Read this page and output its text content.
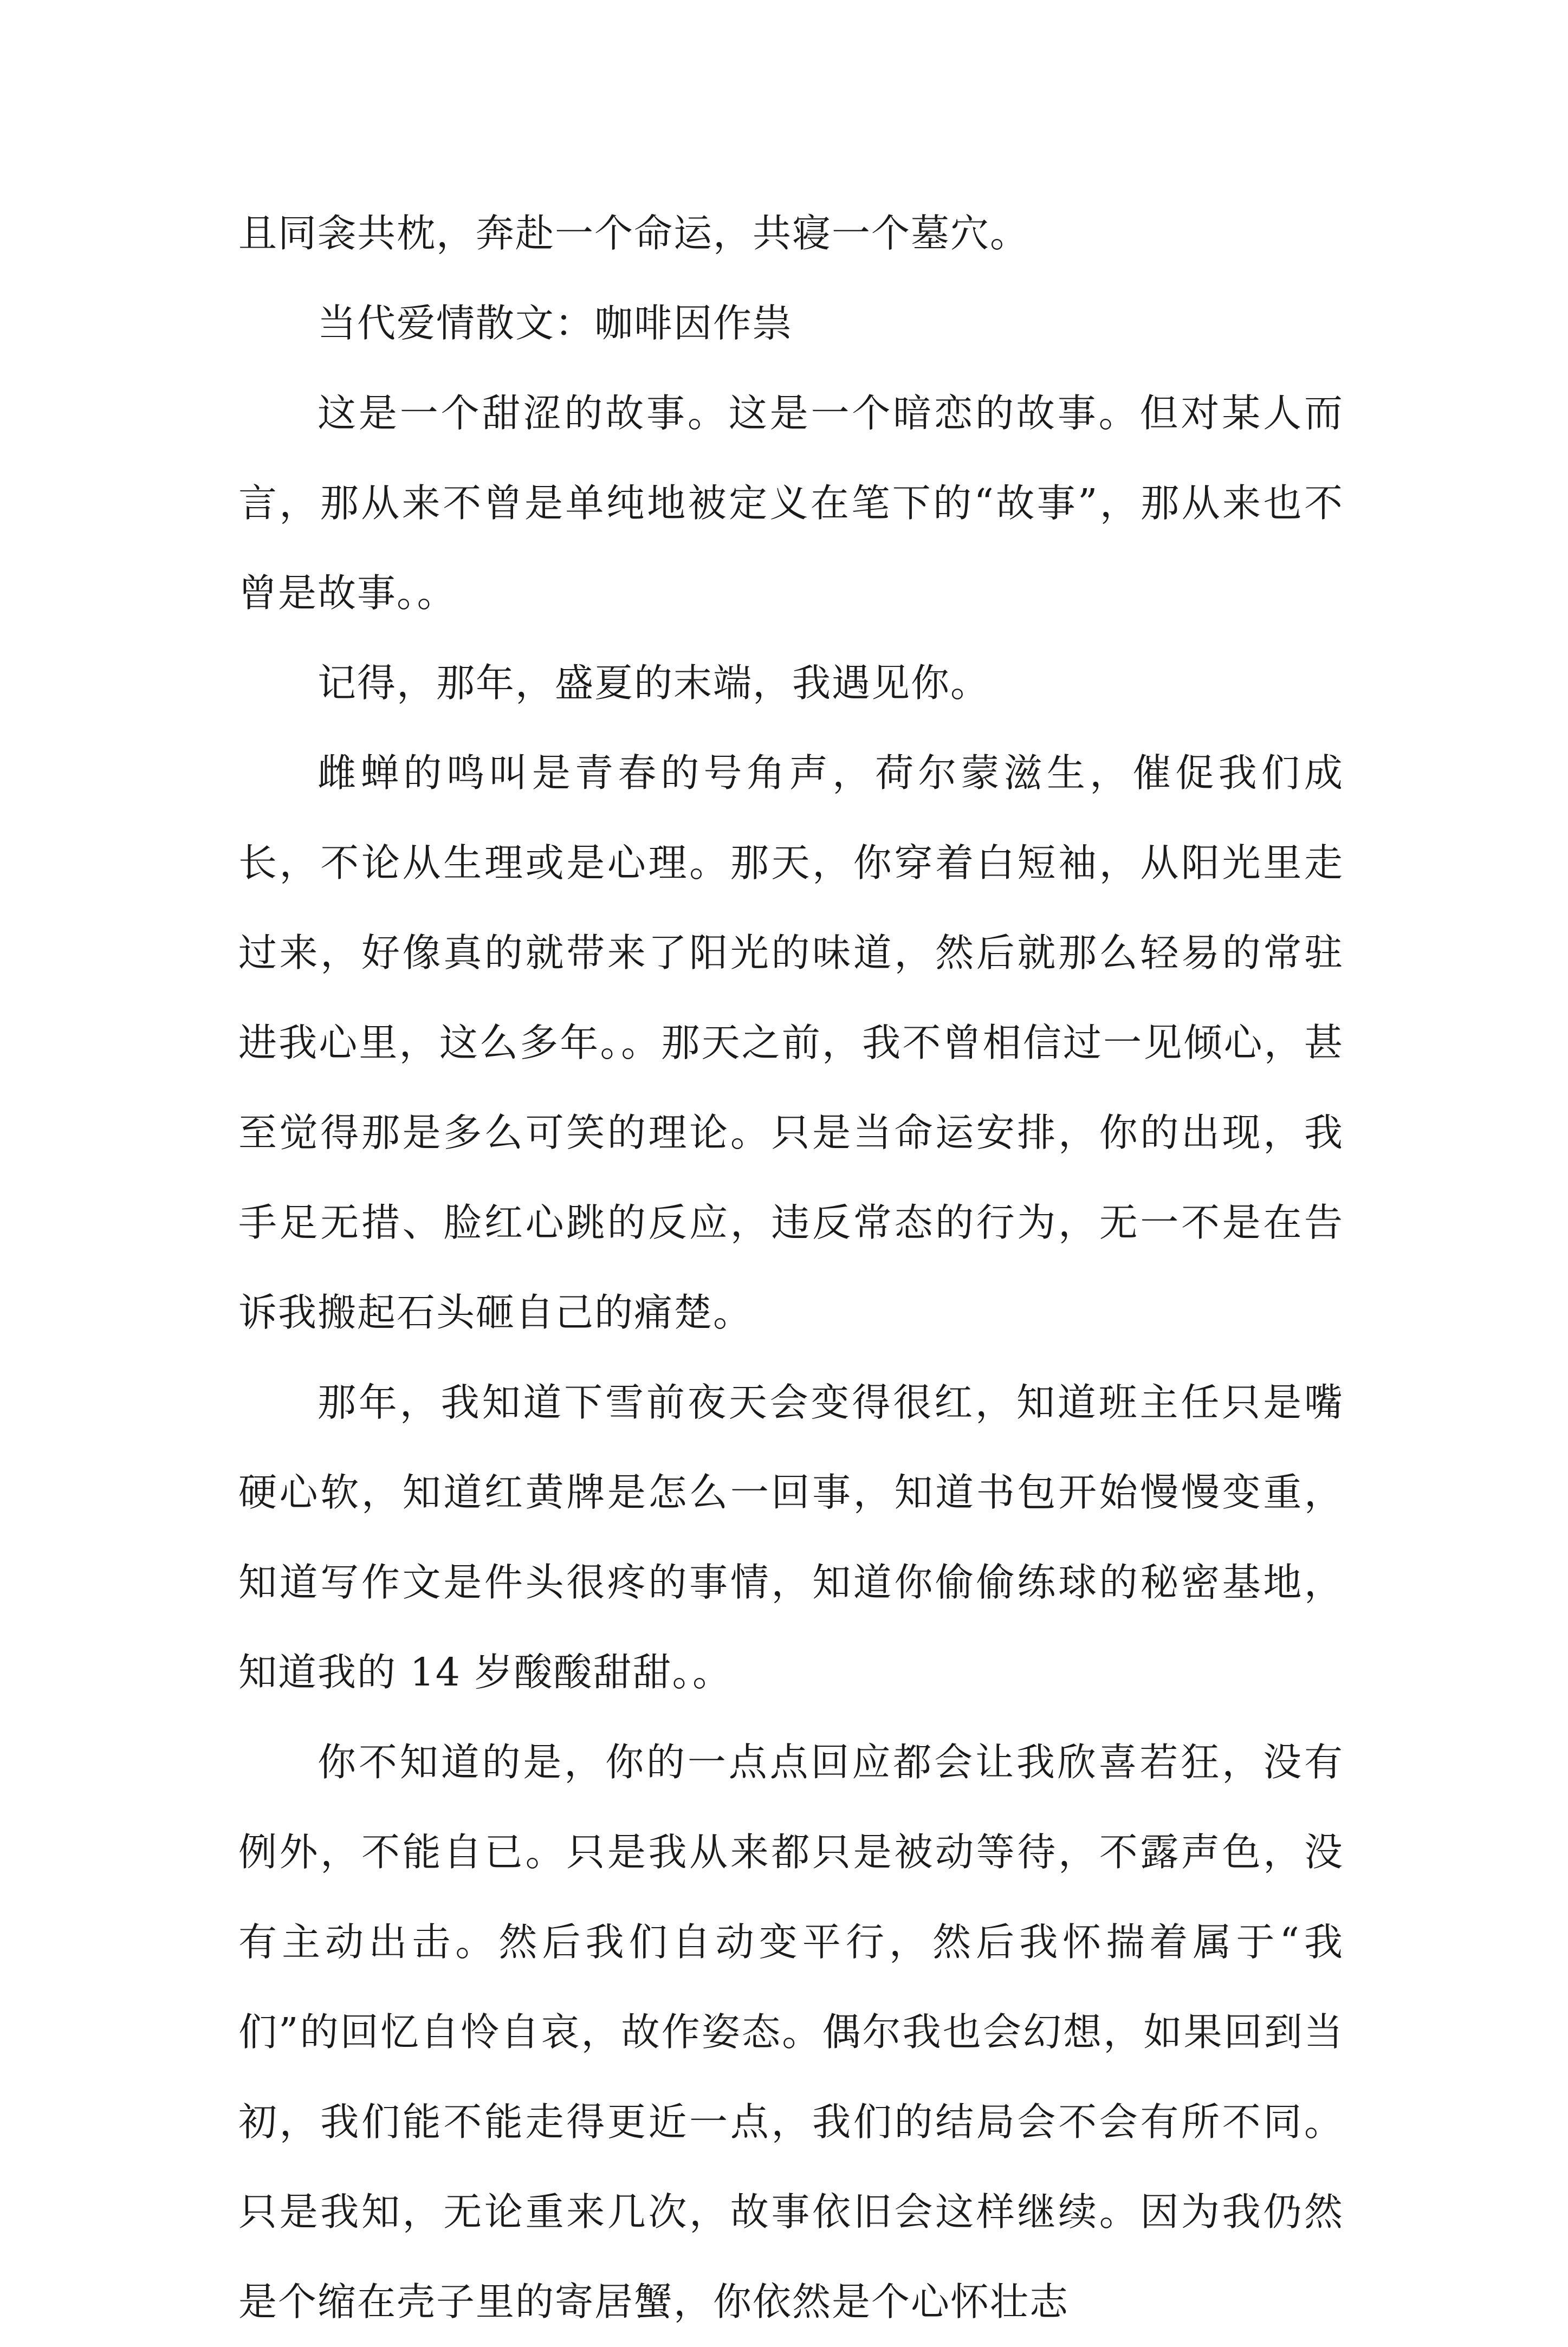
且同衾共枕，奔赴一个命运，共寝一个墓穴。

当代爱情散文：咖啡因作祟

这是一个甜涩的故事。这是一个暗恋的故事。但对某人而言，那从来不曾是单纯地被定义在笔下的“故事”，那从来也不曾是故事。。

记得，那年，盛夏的末端，我遇见你。

雌蝉的鸣叫是青春的号角声，荷尔蒙滋生，催促我们成长，不论从生理或是心理。那天，你穿着白短袖，从阳光里走过来，好像真的就带来了阳光的味道，然后就那么轻易的常驻进我心里，这么多年。。那天之前，我不曾相信过一见倾心，甚至觉得那是多么可笑的理论。只是当命运安排，你的出现，我手足无措、脸红心跳的反应，违反常态的行为，无一不是在告诉我搬起石头砸自己的痛楚。

那年，我知道下雪前夜天会变得很红，知道班主任只是嘴硬心软，知道红黄牌是怎么一回事，知道书包开始慢慢变重，知道写作文是件头很疼的事情，知道你偷偷练球的秘密基地，知道我的 14 岁酸酸甜甜。。

你不知道的是，你的一点点回应都会让我欣喜若狂，没有例外，不能自已。只是我从来都只是被动等待，不露声色，没有主动出击。然后我们自动变平行，然后我怀揣着属于“我们”的回忆自怜自哀，故作姿态。偶尔我也会幻想，如果回到当初，我们能不能走得更近一点，我们的结局会不会有所不同。只是我知，无论重来几次，故事依旧会这样继续。因为我仍然是个缩在壳子里的寄居蟹，你依然是个心怀壮志
